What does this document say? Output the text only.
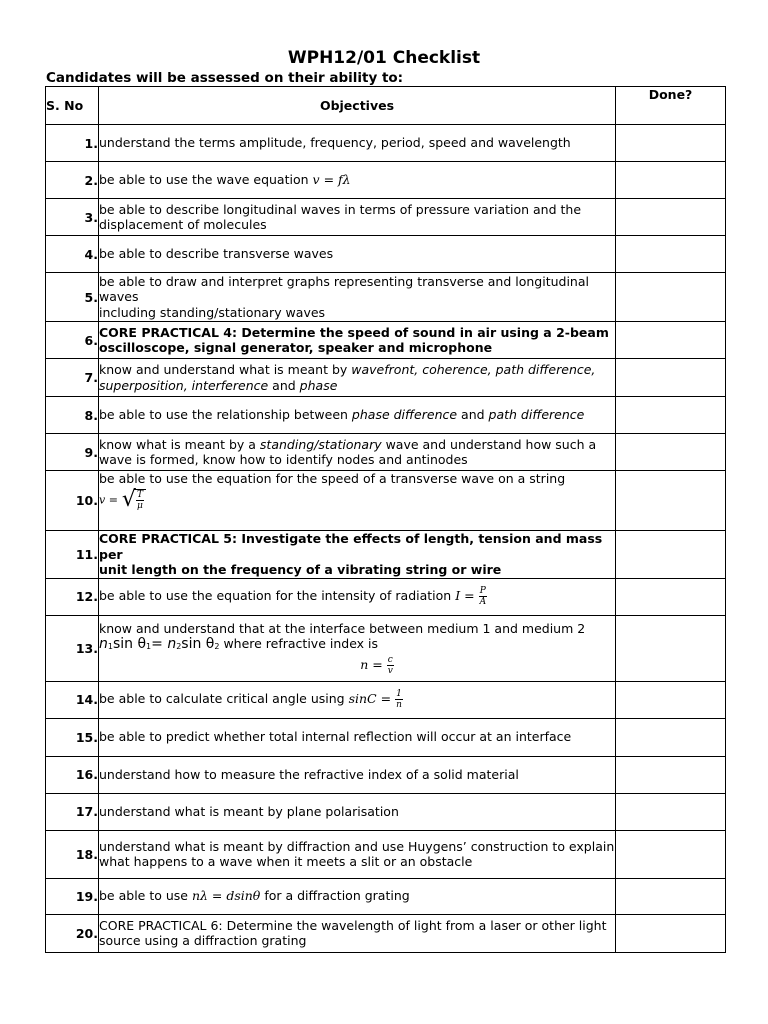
WPH12/01 Checklist
Candidates will be assessed on their ability to:
S. No	Objectives	Done?
1.	understand the terms amplitude, frequency, period, speed and wavelength	
2.	be able to use the wave equation v = fλ	
3.	be able to describe longitudinal waves in terms of pressure variation and the displacement of molecules	
4.	be able to describe transverse waves	
5.	be able to draw and interpret graphs representing transverse and longitudinal waves
including standing/stationary waves	
6.	CORE PRACTICAL 4: Determine the speed of sound in air using a 2-beam oscilloscope, signal generator, speaker and microphone	
7.	know and understand what is meant by wavefront, coherence, path difference, superposition, interference and phase	
8.	be able to use the relationship between phase difference and path difference	
9.	know what is meant by a standing/stationary wave and understand how such a wave is formed, know how to identify nodes and antinodes	
10.	be able to use the equation for the speed of a transverse wave on a string
v = √ $\frac{T}{\mu}$

11.	CORE PRACTICAL 5: Investigate the effects of length, tension and mass per
unit length on the frequency of a vibrating string or wire	
12.	be able to use the equation for the intensity of radiation $I = \frac{P}{A}$

13.	know and understand that at the interface between medium 1 and medium 2
n1sin θ1= n2sin θ2 where refractive index is
$n = \frac{c}{v}$

14.	be able to calculate critical angle using $\sin C = \frac{1}{n}$

15.	be able to predict whether total internal reflection will occur at an interface	
16.	understand how to measure the refractive index of a solid material	
17.	understand what is meant by plane polarisation	
18.	understand what is meant by diffraction and use Huygens’ construction to explain
what happens to a wave when it meets a slit or an obstacle	
19.	be able to use nλ = dsinθ for a diffraction grating	
20.	CORE PRACTICAL 6: Determine the wavelength of light from a laser or other light source using a diffraction grating	
